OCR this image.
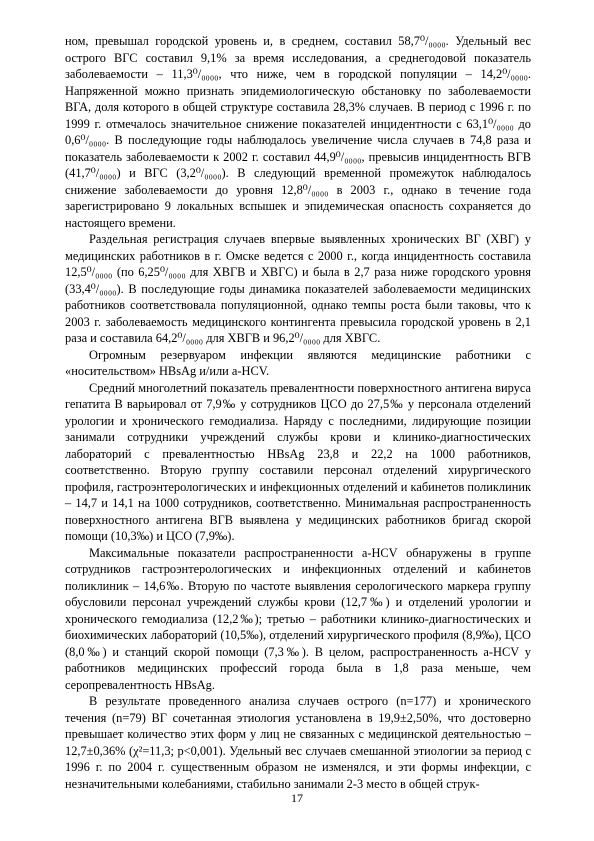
ном, превышал городской уровень и, в среднем, составил 58,7⁰/₀₀₀₀. Удельный вес острого ВГС составил 9,1% за время исследования, а среднегодовой показатель заболеваемости – 11,3⁰/₀₀₀₀, что ниже, чем в городской популяции – 14,2⁰/₀₀₀₀. Напряженной можно признать эпидемиологическую обстановку по заболеваемости ВГА, доля которого в общей структуре составила 28,3% случаев. В период с 1996 г. по 1999 г. отмечалось значительное снижение показателей инцидентности с 63,1⁰/₀₀₀₀ до 0,6⁰/₀₀₀₀. В последующие годы наблюдалось увеличение числа случаев в 74,8 раза и показатель заболеваемости к 2002 г. составил 44,9⁰/₀₀₀₀, превысив инцидентность ВГВ (41,7⁰/₀₀₀₀) и ВГС (3,2⁰/₀₀₀₀). В следующий временной промежуток наблюдалось снижение заболеваемости до уровня 12,8⁰/₀₀₀₀ в 2003 г., однако в течение года зарегистрировано 9 локальных вспышек и эпидемическая опасность сохраняется до настоящего времени.

Раздельная регистрация случаев впервые выявленных хронических ВГ (ХВГ) у медицинских работников в г. Омске ведется с 2000 г., когда инцидентность составила 12,5⁰/₀₀₀₀ (по 6,25⁰/₀₀₀₀ для ХВГВ и ХВГС) и была в 2,7 раза ниже городского уровня (33,4⁰/₀₀₀₀). В последующие годы динамика показателей заболеваемости медицинских работников соответствовала популяционной, однако темпы роста были таковы, что к 2003 г. заболеваемость медицинского контингента превысила городской уровень в 2,1 раза и составила 64,2⁰/₀₀₀₀ для ХВГВ и 96,2⁰/₀₀₀₀ для ХВГС.

Огромным резервуаром инфекции являются медицинские работники с «носительством» HBsAg и/или a-HCV.

Средний многолетний показатель превалентности поверхностного антигена вируса гепатита В варьировал от 7,9‰ у сотрудников ЦСО до 27,5‰ у персонала отделений урологии и хронического гемодиализа. Наряду с последними, лидирующие позиции занимали сотрудники учреждений службы крови и клинико-диагностических лабораторий с превалентностью HBsAg 23,8 и 22,2 на 1000 работников, соответственно. Вторую группу составили персонал отделений хирургического профиля, гастроэнтерологических и инфекционных отделений и кабинетов поликлиник – 14,7 и 14,1 на 1000 сотрудников, соответственно. Минимальная распространенность поверхностного антигена ВГВ выявлена у медицинских работников бригад скорой помощи (10,3‰) и ЦСО (7,9‰).

Максимальные показатели распространенности a-HCV обнаружены в группе сотрудников гастроэнтерологических и инфекционных отделений и кабинетов поликлиник – 14,6‰. Вторую по частоте выявления серологического маркера группу обусловили персонал учреждений службы крови (12,7‰) и отделений урологии и хронического гемодиализа (12,2‰); третью – работники клинико-диагностических и биохимических лабораторий (10,5‰), отделений хирургического профиля (8,9‰), ЦСО (8,0‰) и станций скорой помощи (7,3‰). В целом, распространенность a-HCV у работников медицинских профессий города была в 1,8 раза меньше, чем серопревалентность HBsAg.

В результате проведенного анализа случаев острого (n=177) и хронического течения (n=79) ВГ сочетанная этиология установлена в 19,9±2,50%, что достоверно превышает количество этих форм у лиц не связанных с медицинской деятельностью – 12,7±0,36% (χ²=11,3; p<0,001). Удельный вес случаев смешанной этиологии за период с 1996 г. по 2004 г. существенным образом не изменялся, и эти формы инфекции, с незначительными колебаниями, стабильно занимали 2-3 место в общей струк-

17
